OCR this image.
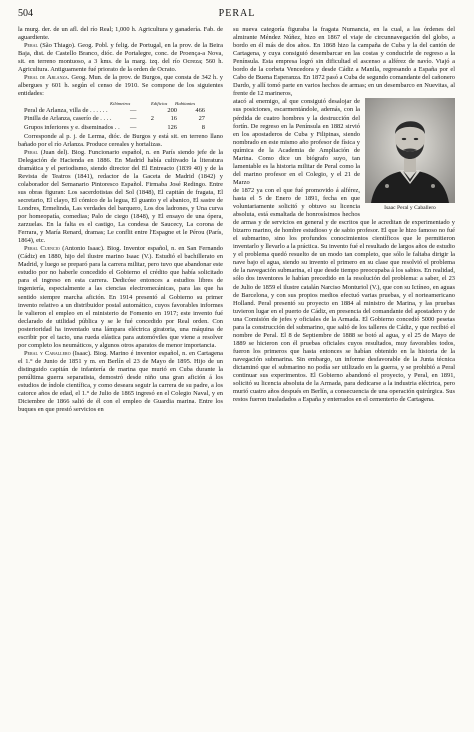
504	PERAL

la murg. der. de un afl. del río Real; 1,000 h. Agricultura y ganadería. Fab. de aguardiente.

Peral (São Thiago). Geog. Pobl. y felig. de Portugal, en la prov. de la Beira Baja, dist. de Castello Branco, dióc. de Portalegre, conc. de Proença-a Nova, sit. en terreno montuoso, a 3 kms. de la marg. izq. del río Ocreza; 560 h. Agricultura. Antiguamente fué priorato de la orden de Ocrato.

Peral de Arlanza. Geog. Mun. de la prov. de Burgos, que consta de 342 h. y albergues y 601 h. según el censo de 1910. Se compone de los siguientes entidades:

Kilómetros	Edificios Habitantes
Peral de Arlanza, villa de . . . . . .	—	200	466
Pinilla de Arlanza, caserío de . . . .	— 2	16	27
Grupos inferiores y e. diseminados . . —	126	8

Corresponde al p. j. de Lerma, dióc. de Burgos y está sit. en terreno llano bañado por el río Arlanza. Produce cereales y hortalizas.

Peral (Juan del). Biog. Funcionario español, n. en París siendo jefe de la Delegación de Hacienda en 1886. En Madrid había cultivado la literatura dramática y el periodismo, siendo director del El Entreacto (1839 40) y de la Revista de Teatros (1841), redactor de la Gaceta de Madrid (1842) y colaborador del Semanario Pintoresco Español. Firmaba José Redingo. Entre sus obras figuran: Los sacerdotistas del Sol (1848), El capitán de fragata, El secretario, El clayo, El cómico de la legua, El guanto y el abanico, El sastre de Londres, Ermelinda, Las verdades del barquero, Los dos ladrones, y Una curva por homeopatía, comedias; Palo de ciego (1848), y El ensayo de una ópera, zarzuelas. En la falta es el castigo, La condesa de Saucecy, La corona de Ferrara, y María Renard, dramas; Le conflit entre l'Espagne et le Pérou (París, 1864), etc.

Peral Cuencio (Antonio Isaac). Biog. Inventor español, n. en San Fernando (Cádiz) en 1880, hijo del ilustre marino Isaac (V.). Estudió el bachillerato en Madrid, y luego se preparó para la carrera militar, pero tuvo que abandonar este estudio por no haberle concedido el Gobierno el crédito que había solicitado para el ingreso en esta carrera. Dedicóse entonces a estudios libres de ingeniería, especialmente a las ciencias electromecánicas, para las que ha sentido siempre marcha afición. En 1914 presentó al Gobierno su primer invento relativo a un distribuidor postal automático, cuyos favorables informes le valieron el empleo en el ministerio de Fomento en 1917; este invento fué declarado de utilidad pública y se le fué concedido por Real orden. Con posterioridad ha inventado una lámpara eléctrica giratoria, una máquina de escribir por el tacto, una rueda elástica para automóviles que viene a resolver por completo los neumáticos, y algunos otros aparatos de menor importancia.

Peral y Caballero (Isaac). Biog. Marino é inventor español, n. en Cartagena el 1.° de Junio de 1851 y m. en Berlín el 23 de Mayo de 1895. Hijo de un distinguido capitán de infantería de marina que murió en Cuba durante la penúltima guerra separatista, demostró desde niño una gran afición á los estudios de índole científica, y como deseara seguir la carrera de su padre, a los catorce años de edad, el 1.° de Julio de 1865 ingresó en el Colegio Naval, y en Diciembre de 1866 salió de él con el empleo de Guardia marina. Entre los buques en que prestó servicios en

su nueva categoría figuraba la fragata Numancia, en la cual, a las órdenes del almirante Méndez Núñez, hizo en 1867 el viaje de circunnavegación del globo, a bordo en él más de dos años. En 1868 hizo la campaña de Cuba y la del cantón de Cartagena, y cuya consiguió desembarcar en las costas y conducirle de regreso a la Península. Esta empresa logró sin dificultad el ascenso a alférez de navío. Viajó a bordo de la corbeta Vencedora y desde Cádiz a Manila, regresando a España por el Cabo de Buena Esperanza. En 1872 pasó a Cuba de segundo comandante del cañonero Dardo, y allí tomó parte en varios hechos de armas; en un desembarco en Nuevitas, al frente de 12 marineros,

Isaac Peral y Caballero

atacó al enemigo, al que consiguió desalojar de sus posiciones, escarmentándole, además, con la pérdida de cuatro hombres y la destrucción del fortín. De regreso en la Península en 1882 sirvió en los apostaderos de Cuba y Filipinas, siendo nombrado en este mismo año profesor de física y química de la Academia de Ampliación de Marina. Como dice un biógrafo suyo, tan lamentable es la historia militar de Peral como la del marino profesor en el Colegio, y el 21 de Marzo

de 1872 ya con el que fué promovido á alférez, hasta el 5 de Enero de 1891, fecha en que voluntariamente solicitó y obtuvo su licencia absoluta, está esmaltada de honrosísimos hechos de armas y de servicios en general y de escritos que le acreditan de experimentado y bizarro marino, de hombre estudioso y de sabio profesor. El que le hizo famoso no fué el submarino, sino los profundos conocimientos científicos que le permitieron inventarlo y llevarlo a la práctica. Su invento fué el resultado de largos años de estudio y el problema quedó resuelto de un modo tan completo, que sólo le faltaba dirigir la nave bajo el agua, siendo su invento el primero en su clase que resolvió el problema de la navegación submarina, el que desde tiempo preocupaba á los sabios. En realidad, sólo dos inventores le habían precedido en la resolución del problema: a saber, el 23 de Julio de 1859 el ilustre catalán Narciso Monturiol (V.), que con su Ictíneo, en aguas de Barcelona, y con sus propios medios efectuó varias pruebas, y el norteamericano Holland. Peral presentó su proyecto en 1884 al ministro de Marina, y las pruebas tuvieron lugar en el puerto de Cádiz, en presencia del comandante del apostadero y de una Comisión de jefes y oficiales de la Armada. El Gobierno concedió 5000 pesetas para la construcción del submarino, que salió de los talleres de Cádiz, y que recibió el nombre de Peral. El 8 de Septiembre de 1888 se botó al agua, y el 25 de Mayo de 1889 se hicieron con él pruebas oficiales cuyos resultados, muy favorables todos, fueron los primeros que hasta entonces se habían obtenido en la historia de la navegación submarina. Sin embargo, un informe desfavorable de la Junta técnica dictaminó que el submarino no podía ser utilizado en la guerra, y se prohibió a Peral continuar sus experimentos. El Gobierno abandonó el proyecto, y Peral, en 1891, solicitó su licencia absoluta de la Armada, para dedicarse a la industria eléctrica, pero murió cuatro años después en Berlín, a consecuencia de una operación quirúrgica. Sus restos fueron trasladados a España y enterrados en el cementerio de Cartagena.
